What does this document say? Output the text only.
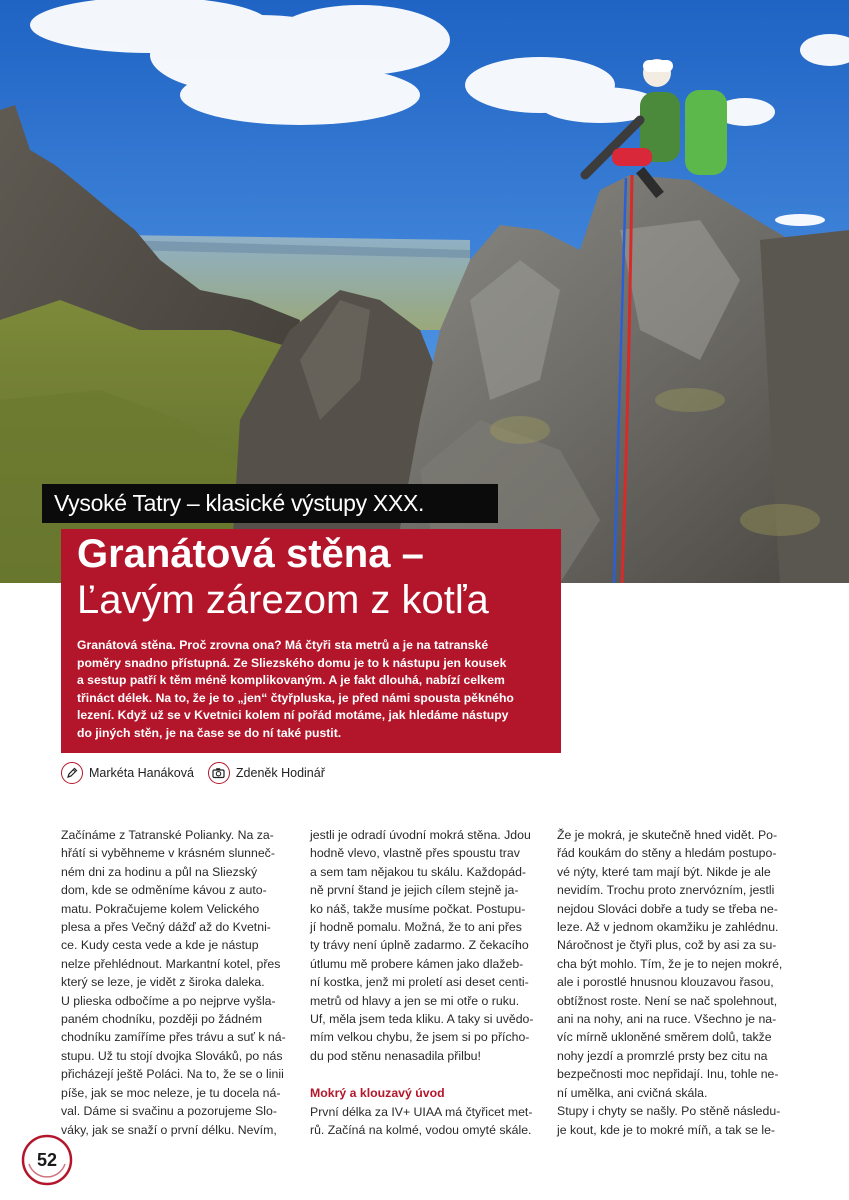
Vysoké Tatry – klasické výstupy XXX.
Granátová stěna –
Ľavým zárezom z kotľa

Granátová stěna. Proč zrovna ona? Má čtyři sta metrů a je na tatranské

poměry snadno přístupná. Ze Sliezského domu je to k nástupu jen kousek

a sestup patří k těm méně komplikovaným. A je fakt dlouhá, nabízí celkem

třináct délek. Na to, že je to „jen“ čtyřpluska, je před námi spousta pěkného

lezení. Když už se v Kvetnici kolem ní pořád motáme, jak hledáme nástupy

do jiných stěn, je na čase se do ní také pustit.

Markéta Hanáková	Zdeněk Hodinář

Začínáme z Tatranské Polianky. Na za-

hřátí si vyběhneme v krásném slunneč-

ném dni za hodinu a půl na Sliezský

dom, kde se odměníme kávou z auto-

matu. Pokračujeme kolem Velického

plesa a přes Večný dážď až do Kvetni-

ce. Kudy cesta vede a kde je nástup

nelze přehlédnout. Markantní kotel, přes

který se leze, je vidět z široka daleka.

U plieska odbočíme a po nejprve vyšla-

paném chodníku, později po žádném

chodníku zamíříme přes trávu a suť k ná-

stupu. Už tu stojí dvojka Slováků, po nás

přicházejí ještě Poláci. Na to, že se o linii

píše, jak se moc neleze, je tu docela ná-

val. Dáme si svačinu a pozorujeme Slo-

váky, jak se snaží o první délku. Nevím,

jestli je odradí úvodní mokrá stěna. Jdou

hodně vlevo, vlastně přes spoustu trav

a sem tam nějakou tu skálu. Každopád-

ně první štand je jejich cílem stejně ja-

ko náš, takže musíme počkat. Postupu-

jí hodně pomalu. Možná, že to ani přes

ty trávy není úplně zadarmo. Z čekacího

útlumu mě probere kámen jako dlažeb-

ní kostka, jenž mi proletí asi deset centi-

metrů od hlavy a jen se mi otře o ruku.

Uf, měla jsem teda kliku. A taky si uvědo-

mím velkou chybu, že jsem si po přícho-

du pod stěnu nenasadila přilbu!

Mokrý a klouzavý úvod

První délka za IV+ UIAA má čtyřicet met-

rů. Začíná na kolmé, vodou omyté skále.

Že je mokrá, je skutečně hned vidět. Po-

řád koukám do stěny a hledám postupo-

vé nýty, které tam mají být. Nikde je ale

nevidím. Trochu proto znervózním, jestli

nejdou Slováci dobře a tudy se třeba ne-

leze. Až v jednom okamžiku je zahlédnu.

Náročnost je čtyři plus, což by asi za su-

cha být mohlo. Tím, že je to nejen mokré,

ale i porostlé hnusnou klouzavou řasou,

obtížnost roste. Není se nač spolehnout,

ani na nohy, ani na ruce. Všechno je na-

víc mírně ukloněné směrem dolů, takže

nohy jezdí a promrzlé prsty bez citu na

bezpečnosti moc nepřidají. Inu, tohle ne-

ní umělka, ani cvičná skála.

Stupy i chyty se našly. Po stěně následu-

je kout, kde je to mokré míň, a tak se le-

52
